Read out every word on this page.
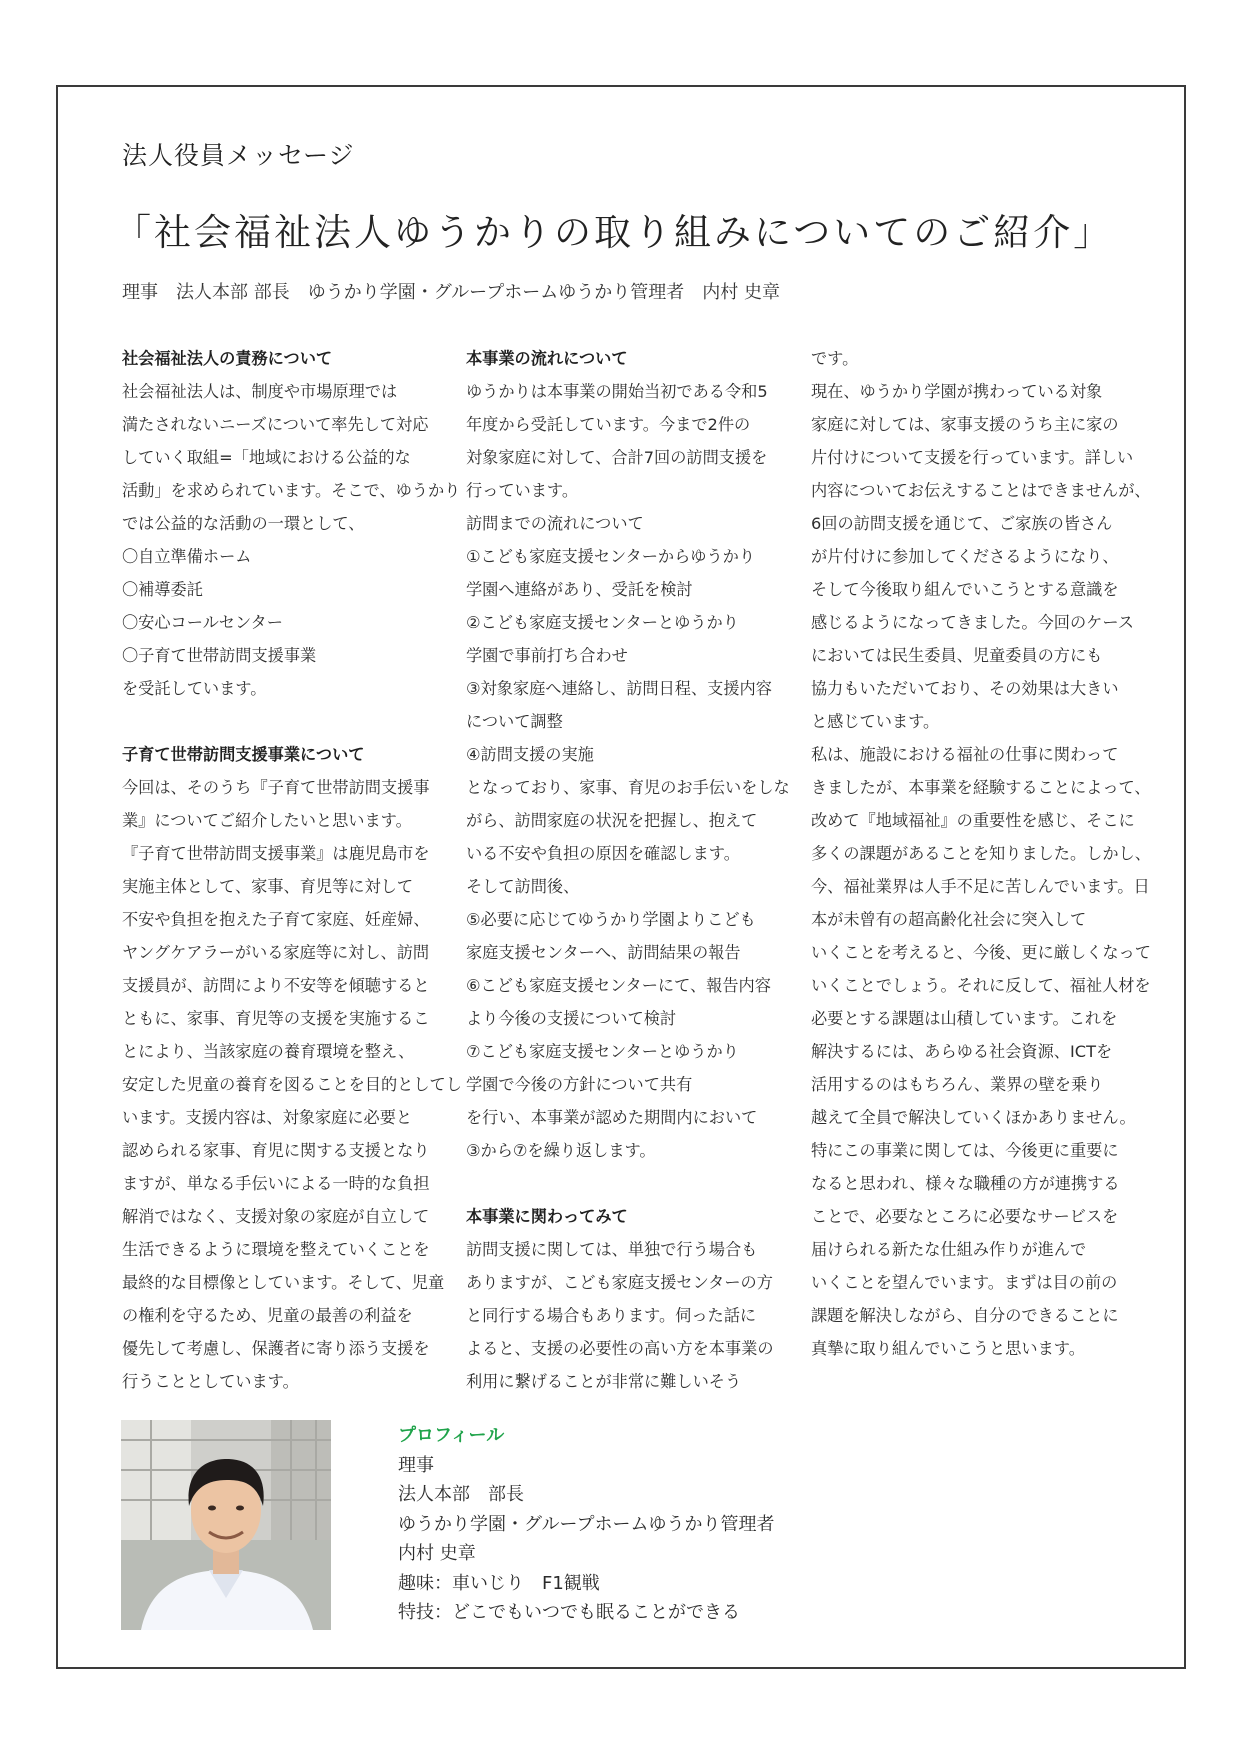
法人役員メッセージ
「社会福祉法人ゆうかりの取り組みについてのご紹介」
理事　法人本部 部長　ゆうかり学園・グループホームゆうかり管理者　内村 史章
社会福祉法人の責務について
社会福祉法人は、制度や市場原理では
満たされないニーズについて率先して対応
していく取組=「地域における公益的な
活動」を求められています。そこで、ゆうかり
では公益的な活動の一環として、
〇自立準備ホーム
〇補導委託
〇安心コールセンター
〇子育て世帯訪問支援事業
を受託しています。
子育て世帯訪問支援事業について
今回は、そのうち『子育て世帯訪問支援事
業』についてご紹介したいと思います。
『子育て世帯訪問支援事業』は鹿児島市を
実施主体として、家事、育児等に対して
不安や負担を抱えた子育て家庭、妊産婦、
ヤングケアラーがいる家庭等に対し、訪問
支援員が、訪問により不安等を傾聴すると
ともに、家事、育児等の支援を実施するこ
とにより、当該家庭の養育環境を整え、
安定した児童の養育を図ることを目的としてし
います。支援内容は、対象家庭に必要と
認められる家事、育児に関する支援となり
ますが、単なる手伝いによる一時的な負担
解消ではなく、支援対象の家庭が自立して
生活できるように環境を整えていくことを
最終的な目標像としています。そして、児童
の権利を守るため、児童の最善の利益を
優先して考慮し、保護者に寄り添う支援を
行うこととしています。
本事業の流れについて
ゆうかりは本事業の開始当初である令和5
年度から受託しています。今まで2件の
対象家庭に対して、合計7回の訪問支援を
行っています。
訪問までの流れについて
①こども家庭支援センターからゆうかり
学園へ連絡があり、受託を検討
②こども家庭支援センターとゆうかり
学園で事前打ち合わせ
③対象家庭へ連絡し、訪問日程、支援内容
について調整
④訪問支援の実施
となっており、家事、育児のお手伝いをしな
がら、訪問家庭の状況を把握し、抱えて
いる不安や負担の原因を確認します。
そして訪問後、
⑤必要に応じてゆうかり学園よりこども
家庭支援センターへ、訪問結果の報告
⑥こども家庭支援センターにて、報告内容
より今後の支援について検討
⑦こども家庭支援センターとゆうかり
学園で今後の方針について共有
を行い、本事業が認めた期間内において
③から⑦を繰り返します。
本事業に関わってみて
訪問支援に関しては、単独で行う場合も
ありますが、こども家庭支援センターの方
と同行する場合もあります。伺った話に
よると、支援の必要性の高い方を本事業の
利用に繋げることが非常に難しいそう
です。
現在、ゆうかり学園が携わっている対象
家庭に対しては、家事支援のうち主に家の
片付けについて支援を行っています。詳しい
内容についてお伝えすることはできませんが、
6回の訪問支援を通じて、ご家族の皆さん
が片付けに参加してくださるようになり、
そして今後取り組んでいこうとする意識を
感じるようになってきました。今回のケース
においては民生委員、児童委員の方にも
協力もいただいており、その効果は大きい
と感じています。
私は、施設における福祉の仕事に関わって
きましたが、本事業を経験することによって、
改めて『地域福祉』の重要性を感じ、そこに
多くの課題があることを知りました。しかし、
今、福祉業界は人手不足に苦しんでいます。日
本が未曾有の超高齢化社会に突入して
いくことを考えると、今後、更に厳しくなって
いくことでしょう。それに反して、福祉人材を
必要とする課題は山積しています。これを
解決するには、あらゆる社会資源、ICTを
活用するのはもちろん、業界の壁を乗り
越えて全員で解決していくほかありません。
特にこの事業に関しては、今後更に重要に
なると思われ、様々な職種の方が連携する
ことで、必要なところに必要なサービスを
届けられる新たな仕組み作りが進んで
いくことを望んでいます。まずは目の前の
課題を解決しながら、自分のできることに
真摯に取り組んでいこうと思います。
プロフィール
理事
法人本部　部長
ゆうかり学園・グループホームゆうかり管理者
内村 史章
趣味：車いじり　F1観戦
特技：どこでもいつでも眠ることができる
